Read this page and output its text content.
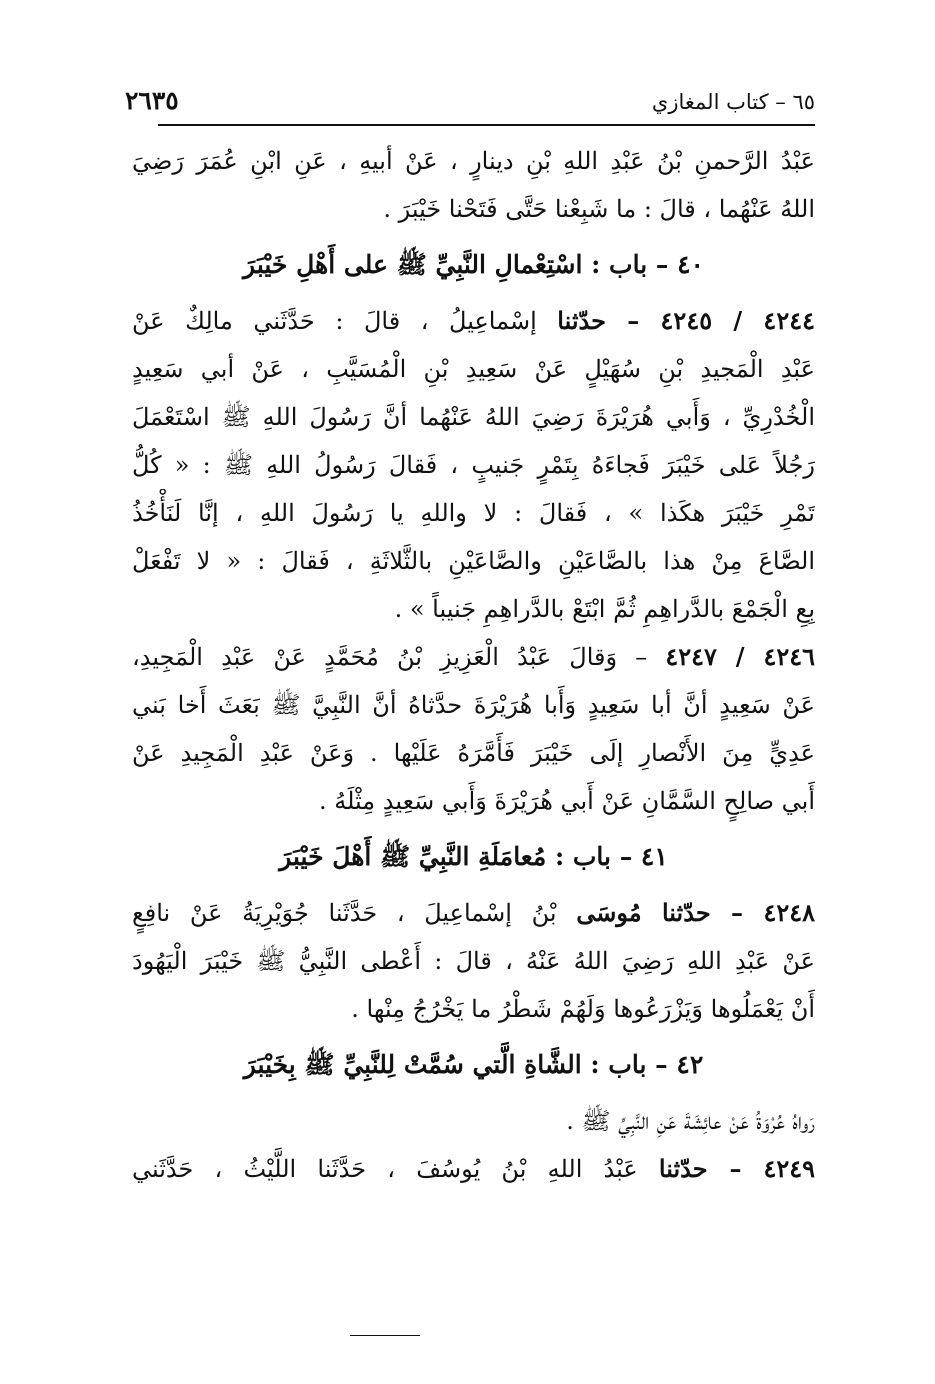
٦٥ – كتاب المغازي
٢٦٣٥
عَبْدُ الرَّحمنِ بْنُ عَبْدِ اللهِ بْنِ دينارٍ ، عَنْ أبيهِ ، عَنِ ابْنِ عُمَرَ رَضِيَ
اللهُ عَنْهُما ، قالَ : ما شَبِعْنا حَتَّى فَتَحْنا خَيْبَرَ .
٤٠ – باب : اسْتِعْمالِ النَّبِيِّ ﷺ على أَهْلِ خَيْبَرَ
٤٢٤٤ / ٤٢٤٥ – حدّثنا إسْماعِيلُ ، قالَ : حَدَّثَني مالِكٌ عَنْ
عَبْدِ الْمَجيدِ بْنِ سُهَيْلٍ عَنْ سَعِيدِ بْنِ الْمُسَيَّبِ ، عَنْ أبي سَعِيدٍ
الْخُدْرِيِّ ، وَأَبي هُرَيْرَةَ رَضِيَ اللهُ عَنْهُما أنَّ رَسُولَ اللهِ ﷺ اسْتَعْمَلَ
رَجُلاً عَلى خَيْبَرَ فَجاءَهُ بِتَمْرٍ جَنيبٍ ، فَقالَ رَسُولُ اللهِ ﷺ : « كُلُّ
تَمْرِ خَيْبَرَ هكَذا » ، فَقالَ : لا واللهِ يا رَسُولَ اللهِ ، إنَّا لَنَأْخُذُ
الصَّاعَ مِنْ هذا بالصَّاعَيْنِ والصَّاعَيْنِ بالثَّلاثَةِ ، فَقالَ : « لا تَفْعَلْ
بِعِ الْجَمْعَ بالدَّراهِمِ ثُمَّ ابْتَعْ بالدَّراهِمِ جَنيباً » .
٤٢٤٦ / ٤٢٤٧ – وَقالَ عَبْدُ الْعَزِيزِ بْنُ مُحَمَّدٍ عَنْ عَبْدِ الْمَجِيدِ،
عَنْ سَعِيدٍ أنَّ أبا سَعِيدٍ وَأَبا هُرَيْرَةَ حدَّثاهُ أنَّ النَّبِيَّ ﷺ بَعَثَ أَخا بَني
عَدِيٍّ مِنَ الأَنْصارِ إلَى خَيْبَرَ فَأَمَّرَهُ عَلَيْها . وَعَنْ عَبْدِ الْمَجِيدِ عَنْ
أَبي صالِحٍ السَّمَّانِ عَنْ أَبي هُرَيْرَةَ وَأَبي سَعِيدٍ مِثْلَهُ .
٤١ – باب : مُعامَلَةِ النَّبِيِّ ﷺ أَهْلَ خَيْبَرَ
٤٢٤٨ – حدّثنا مُوسَى بْنُ إسْماعِيلَ ، حَدَّثَنا جُوَيْرِيَةُ عَنْ نافِعٍ
عَنْ عَبْدِ اللهِ رَضِيَ اللهُ عَنْهُ ، قالَ : أَعْطى النَّبِيُّ ﷺ خَيْبَرَ الْيَهُودَ
أَنْ يَعْمَلُوها وَيَزْرَعُوها وَلَهُمْ شَطْرُ ما يَخْرُجُ مِنْها .
٤٢ – باب : الشَّاةِ الَّتي سُمَّتْ لِلنَّبِيِّ ﷺ بِخَيْبَرَ
رَواهُ عُرْوَةُ عَنْ عائِشَةَ عَنِ النَّبِيِّ ﷺ .
٤٢٤٩ – حدّثنا عَبْدُ اللهِ بْنُ يُوسُفَ ، حَدَّثَنا اللَّيْثُ ، حَدَّثَني
